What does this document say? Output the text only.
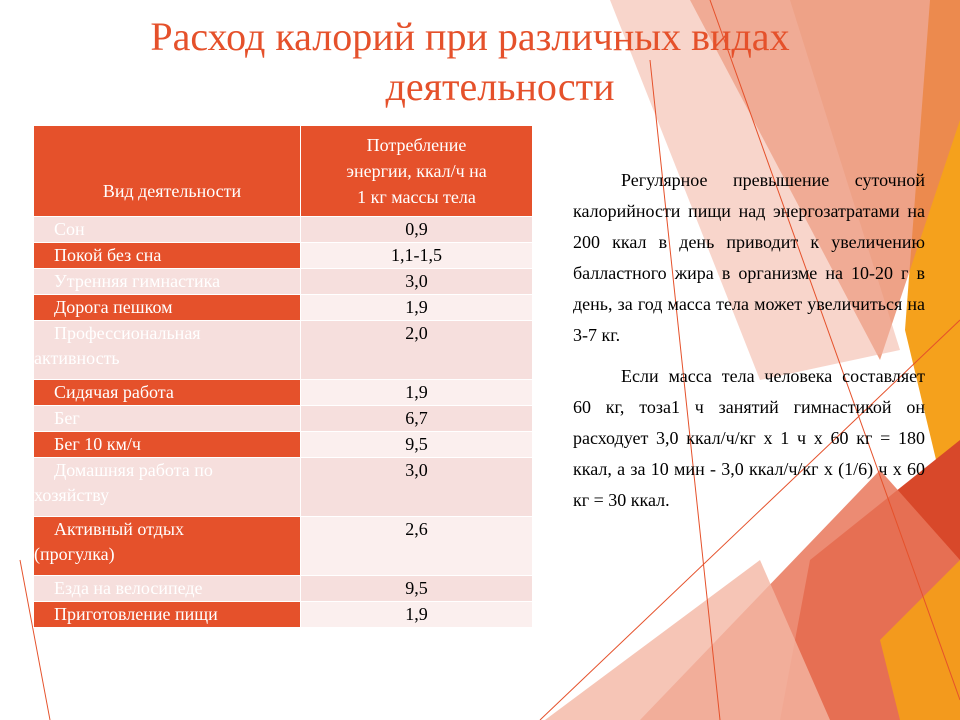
Расход калорий при различных видах
деятельности
Вид деятельности	Потребление
энергии, ккал/ч на
1 кг массы тела

Сон	0,9
Покой без сна	1,1-1,5
Утренняя гимнастика	3,0
Дорога пешком	1,9

Профессиональная
активность	2,0
Сидячая работа	1,9
Бег	6,7
Бег 10 км/ч	9,5

Домашняя работа по
хозяйству	3,0

Активный отдых
(прогулка)	2,6
Езда на велосипеде	9,5
Приготовление пищи	1,9

Регулярное превышение суточной калорийности пищи над энергозатратами на 200 ккал в день приводит к увеличению балластного жира в организме на 10-20 г в день, за год масса тела может увеличиться на 3-7 кг.

Если масса тела человека составляет 60 кг, тоза1 ч занятий гимнастикой он расходует 3,0 ккал/ч/кг x 1 ч x 60 кг = 180 ккал, а за 10 мин - 3,0 ккал/ч/кг x (1/6) ч x 60 кг = 30 ккал.
